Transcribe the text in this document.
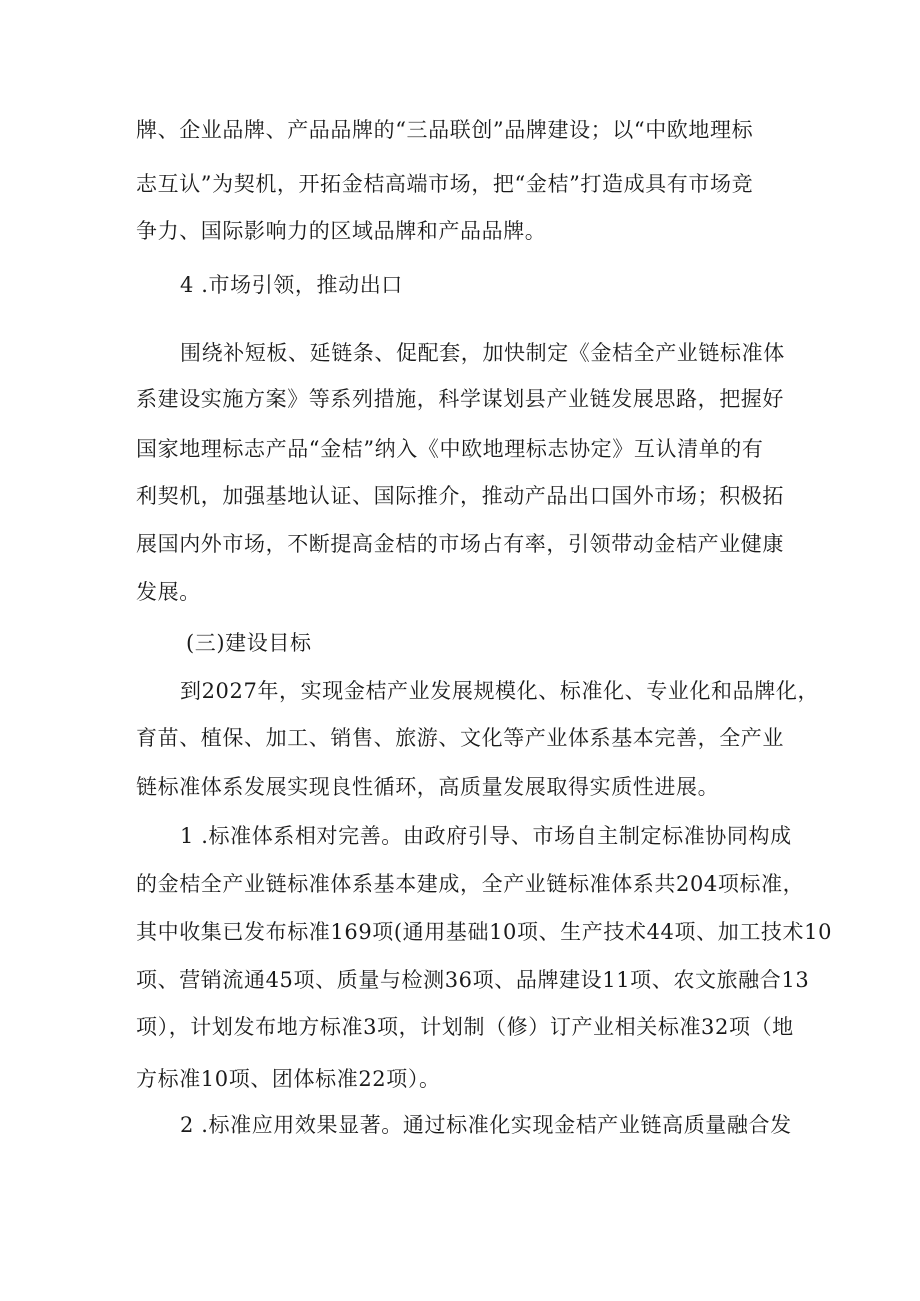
牌、企业品牌、产品品牌的“三品联创”品牌建设；以“中欧地理标
志互认”为契机，开拓金桔高端市场，把“金桔”打造成具有市场竞
争力、国际影响力的区域品牌和产品品牌。
4 .市场引领，推动出口
围绕补短板、延链条、促配套，加快制定《金桔全产业链标准体
系建设实施方案》等系列措施，科学谋划县产业链发展思路，把握好
国家地理标志产品“金桔”纳入《中欧地理标志协定》互认清单的有
利契机，加强基地认证、国际推介，推动产品出口国外市场；积极拓
展国内外市场，不断提高金桔的市场占有率，引领带动金桔产业健康
发展。
(三)建设目标
到2027年，实现金桔产业发展规模化、标准化、专业化和品牌化，
育苗、植保、加工、销售、旅游、文化等产业体系基本完善，全产业
链标准体系发展实现良性循环，高质量发展取得实质性进展。
1 .标准体系相对完善。由政府引导、市场自主制定标准协同构成
的金桔全产业链标准体系基本建成，全产业链标准体系共204项标准，
其中收集已发布标准169项(通用基础10项、生产技术44项、加工技术10
项、营销流通45项、质量与检测36项、品牌建设11项、农文旅融合13
项），计划发布地方标准3项，计划制（修）订产业相关标准32项（地
方标准10项、团体标准22项）。
2 .标准应用效果显著。通过标准化实现金桔产业链高质量融合发
